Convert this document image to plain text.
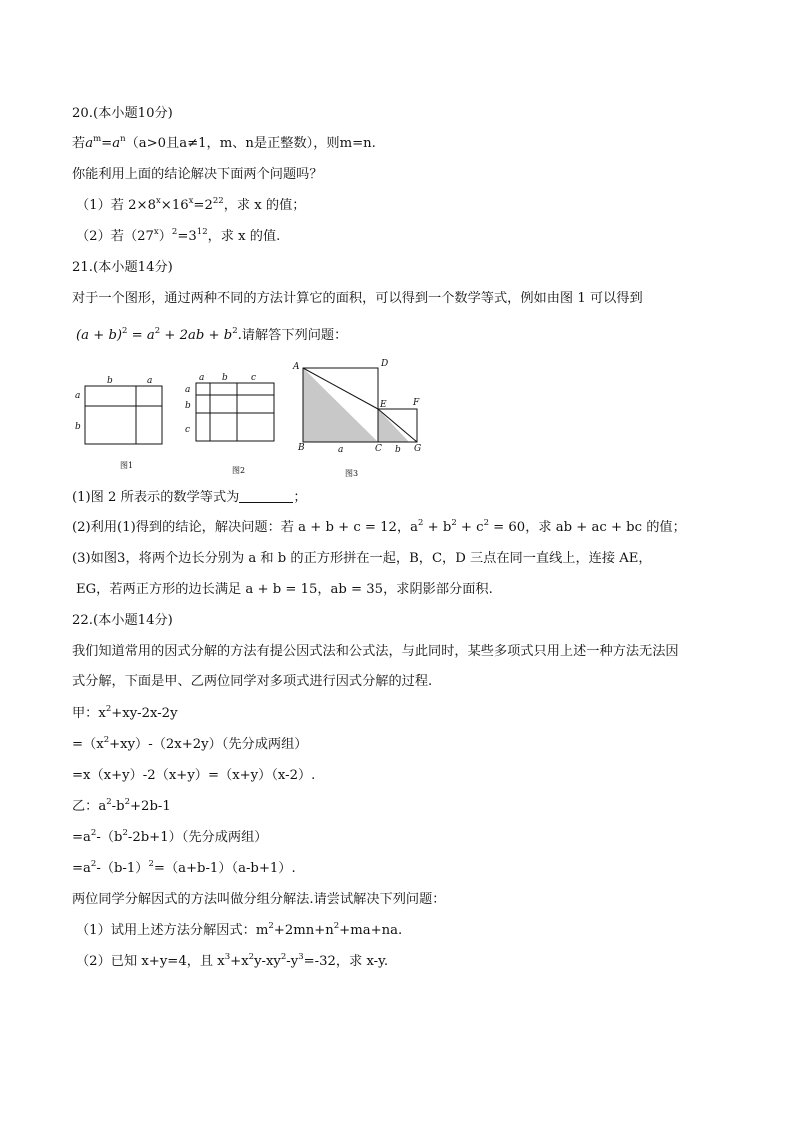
20.(本小题10分)
若$a^m=a^n(a>0$且a≠1，m、n是正整数），则m=n.
你能利用上面的结论解决下面两个问题吗？
（1）若 $2\times 8^x\times 16^x=2^{22}$，求 x 的值；
（2）若$(27^x)^2=3^{12}$，求 x 的值.
21.(本小题14分)
对于一个图形，通过两种不同的方法计算它的面积，可以得到一个数学等式，例如由图 1 可以得到
$(a + b)^2 = a^2 + 2ab + b^2$.请解答下列问题：
b	a
a
b
图1
a b	c
a
b
c
图2
A	D
E	F
B	C	G
a	b
图3
(1)图 2 所表示的数学等式为	；
(2)利用(1)得到的结论，解决问题：若 a + b + c = 12，$a^2 + b^2 + c^2 = 60$，求 ab + ac + bc 的值；
(3)如图3，将两个边长分别为 a 和 b 的正方形拼在一起，B，C，D 三点在同一直线上，连接 AE，
EG，若两正方形的边长满足 a + b = 15，ab = 35，求阴影部分面积.
22.(本小题14分)
我们知道常用的因式分解的方法有提公因式法和公式法，与此同时，某些多项式只用上述一种方法无法因
式分解，下面是甲、乙两位同学对多项式进行因式分解的过程.
甲：$x^2+xy-2x-2y$
$=(x^2+xy)-(2x+2y)$（先分成两组）
=x（x+y）-2（x+y）=（x+y）（x-2）.
乙：$a^2-b^2+2b-1$
$=a^2-(b^2-2b+1)$（先分成两组）
$=a^2-(b-1)^2=(a+b-1)(a-b+1)$.
两位同学分解因式的方法叫做分组分解法.请尝试解决下列问题：
（1）试用上述方法分解因式：$m^2+2mn+n^2+ma+na$.
（2）已知 x+y=4，且 $x^3+x^2y-xy^2-y^3=-32$，求 x-y.
